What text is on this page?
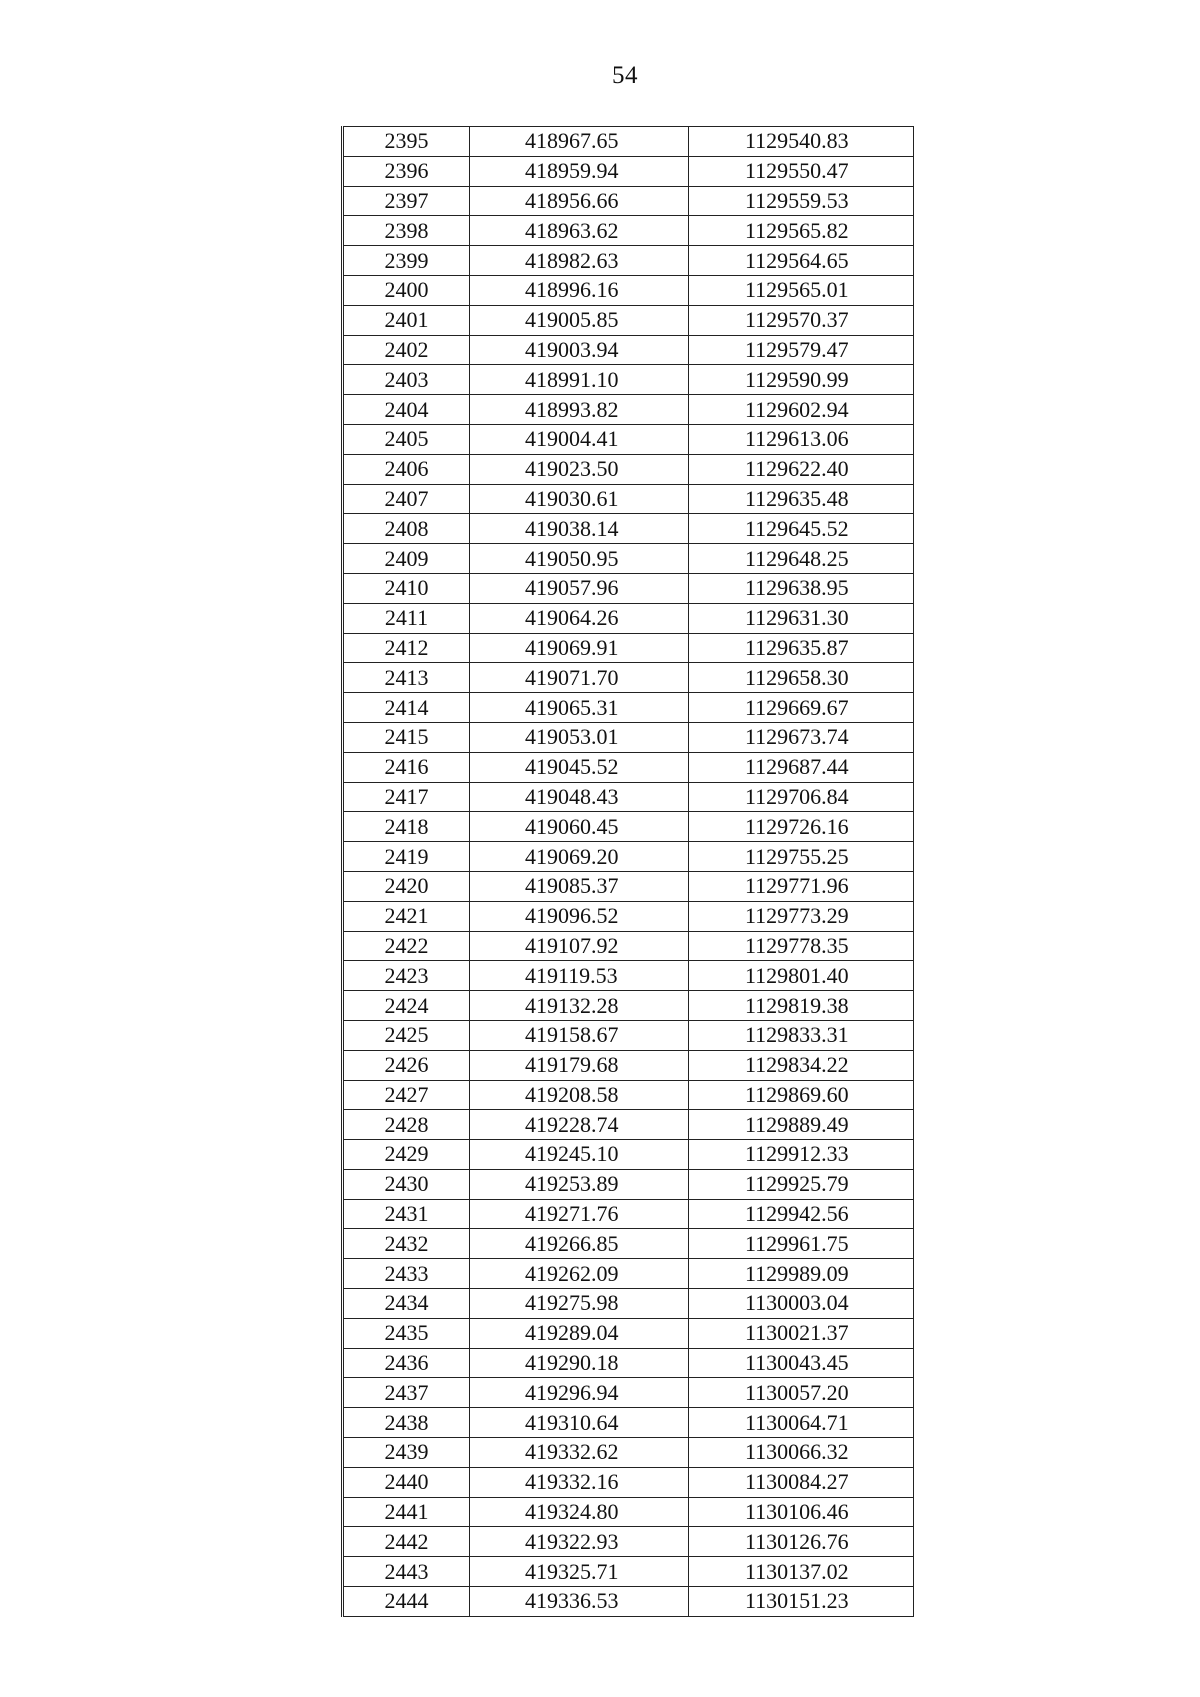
54
2395	418967.65	1129540.83
2396	418959.94	1129550.47
2397	418956.66	1129559.53
2398	418963.62	1129565.82
2399	418982.63	1129564.65
2400	418996.16	1129565.01
2401	419005.85	1129570.37
2402	419003.94	1129579.47
2403	418991.10	1129590.99
2404	418993.82	1129602.94
2405	419004.41	1129613.06
2406	419023.50	1129622.40
2407	419030.61	1129635.48
2408	419038.14	1129645.52
2409	419050.95	1129648.25
2410	419057.96	1129638.95
2411	419064.26	1129631.30
2412	419069.91	1129635.87
2413	419071.70	1129658.30
2414	419065.31	1129669.67
2415	419053.01	1129673.74
2416	419045.52	1129687.44
2417	419048.43	1129706.84
2418	419060.45	1129726.16
2419	419069.20	1129755.25
2420	419085.37	1129771.96
2421	419096.52	1129773.29
2422	419107.92	1129778.35
2423	419119.53	1129801.40
2424	419132.28	1129819.38
2425	419158.67	1129833.31
2426	419179.68	1129834.22
2427	419208.58	1129869.60
2428	419228.74	1129889.49
2429	419245.10	1129912.33
2430	419253.89	1129925.79
2431	419271.76	1129942.56
2432	419266.85	1129961.75
2433	419262.09	1129989.09
2434	419275.98	1130003.04
2435	419289.04	1130021.37
2436	419290.18	1130043.45
2437	419296.94	1130057.20
2438	419310.64	1130064.71
2439	419332.62	1130066.32
2440	419332.16	1130084.27
2441	419324.80	1130106.46
2442	419322.93	1130126.76
2443	419325.71	1130137.02
2444	419336.53	1130151.23
